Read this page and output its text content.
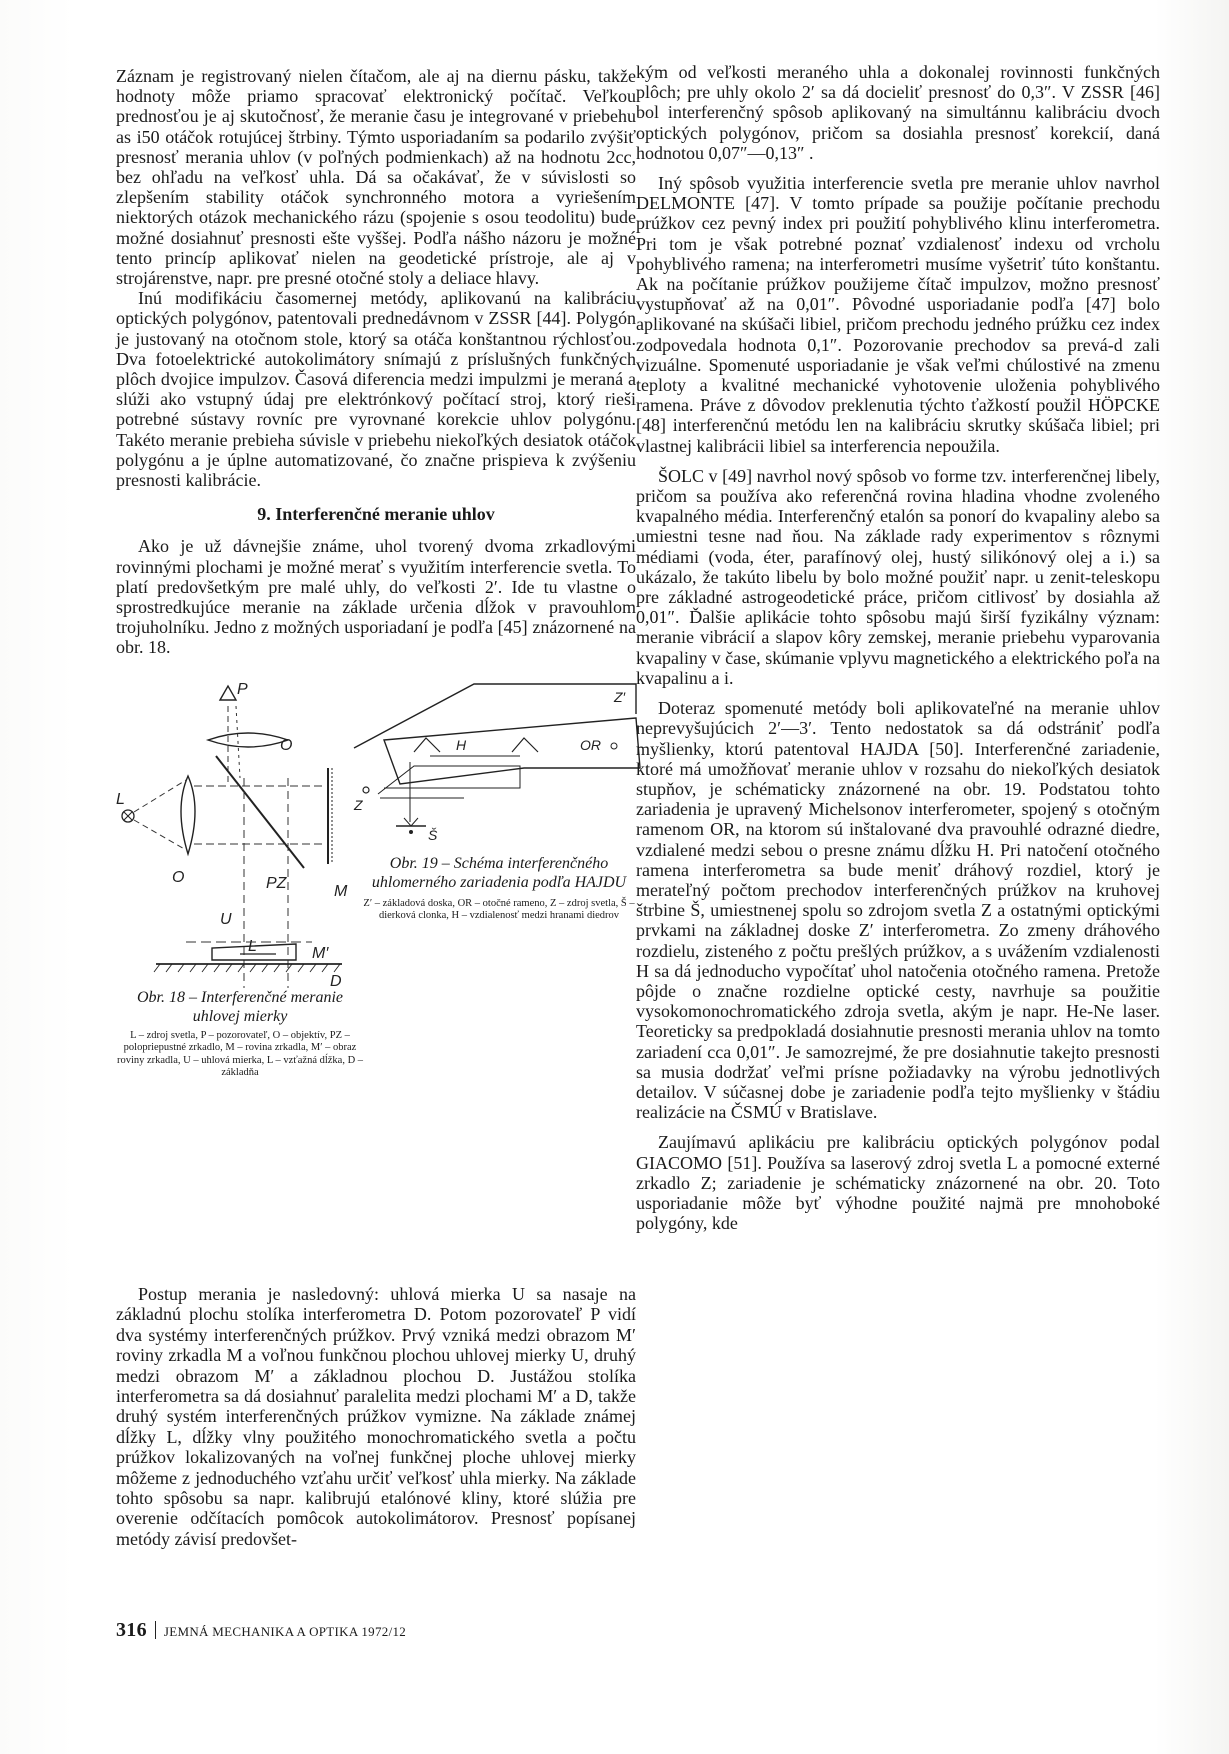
Záznam je registrovaný nielen čítačom, ale aj na diernu pásku, takže hodnoty môže priamo spracovať elektronický počítač. Veľkou prednosťou je aj skutočnosť, že meranie času je integrované v priebehu as i50 otáčok rotujúcej štrbiny. Týmto usporiadaním sa podarilo zvýšiť presnosť merania uhlov (v poľných podmienkach) až na hodnotu 2cc, bez ohľadu na veľkosť uhla. Dá sa očakávať, že v súvislosti so zlepšením stability otáčok synchronného motora a vyriešením niektorých otázok mechanického rázu (spojenie s osou teodolitu) bude možné dosiahnuť presnosti ešte vyššej. Podľa nášho názoru je možné tento princíp aplikovať nielen na geodetické prístroje, ale aj v strojárenstve, napr. pre presné otočné stoly a deliace hlavy.

Inú modifikáciu časomernej metódy, aplikovanú na kalibráciu optických polygónov, patentovali prednedávnom v ZSSR [44]. Polygón je justovaný na otočnom stole, ktorý sa otáča konštantnou rýchlosťou. Dva fotoelektrické autokolimátory snímajú z príslušných funkčných plôch dvojice impulzov. Časová diferencia medzi impulzmi je meraná a slúži ako vstupný údaj pre elektrónkový počítací stroj, ktorý rieši potrebné sústavy rovníc pre vyrovnané korekcie uhlov polygónu. Takéto meranie prebieha súvisle v priebehu niekoľkých desiatok otáčok polygónu a je úplne automatizované, čo značne prispieva k zvýšeniu presnosti kalibrácie.

9. Interferenčné meranie uhlov

Ako je už dávnejšie známe, uhol tvorený dvoma zrkadlovými rovinnými plochami je možné merať s využitím interferencie svetla. To platí predovšetkým pre malé uhly, do veľkosti 2′. Ide tu vlastne o sprostredkujúce meranie na základe určenia dĺžok v pravouhlom trojuholníku. Jedno z možných usporiadaní je podľa [45] znázornené na obr. 18.

P
O
L
O	PZ	M
U
L	M′
D
Z′
OR
H
Z
Š
Obr. 19 – Schéma interferenčného uhlomerného zariadenia podľa HAJDU
Z′ – základová doska, OR – otočné rameno, Z – zdroj svetla, Š – dierková clonka, H – vzdialenosť medzi hranami diedrov
Obr. 18 – Interferenčné meranie uhlovej mierky
L – zdroj svetla, P – pozorovateľ, O – objektív, PZ – polopriepustné zrkadlo, M – rovina zrkadla, M′ – obraz roviny zrkadla, U – uhlová mierka, L – vzťažná dĺžka, D – základňa

Postup merania je nasledovný: uhlová mierka U sa nasaje na základnú plochu stolíka interferometra D. Potom pozorovateľ P vidí dva systémy interferenčných prúžkov. Prvý vzniká medzi obrazom M′ roviny zrkadla M a voľnou funkčnou plochou uhlovej mierky U, druhý medzi obrazom M′ a základnou plochou D. Justážou stolíka interferometra sa dá dosiahnuť paralelita medzi plochami M′ a D, takže druhý systém interferenčných prúžkov vymizne. Na základe známej dĺžky L, dĺžky vlny použitého monochromatického svetla a počtu prúžkov lokalizovaných na voľnej funkčnej ploche uhlovej mierky môžeme z jednoduchého vzťahu určiť veľkosť uhla mierky. Na základe tohto spôsobu sa napr. kalibrujú etalónové kliny, ktoré slúžia pre overenie odčítacích pomôcok autokolimátorov. Presnosť popísanej metódy závisí predovšet-

kým od veľkosti meraného uhla a dokonalej rovinnosti funkčných plôch; pre uhly okolo 2′ sa dá docieliť presnosť do 0,3″. V ZSSR [46] bol interferenčný spôsob aplikovaný na simultánnu kalibráciu dvoch optických polygónov, pričom sa dosiahla presnosť korekcií, daná hodnotou 0,07″—0,13″ .

Iný spôsob využitia interferencie svetla pre meranie uhlov navrhol DELMONTE [47]. V tomto prípade sa použije počítanie prechodu prúžkov cez pevný index pri použití pohyblivého klinu interferometra. Pri tom je však potrebné poznať vzdialenosť indexu od vrcholu pohyblivého ramena; na interferometri musíme vyšetriť túto konštantu. Ak na počítanie prúžkov použijeme čítač impulzov, možno presnosť vystupňovať až na 0,01″. Pôvodné usporiadanie podľa [47] bolo aplikované na skúšači libiel, pričom prechodu jedného prúžku cez index zodpovedala hodnota 0,1″. Pozorovanie prechodov sa prevá-d zali vizuálne. Spomenuté usporiadanie je však veľmi chúlostivé na zmenu teploty a kvalitné mechanické vyhotovenie uloženia pohyblivého ramena. Práve z dôvodov preklenutia týchto ťažkostí použil HÖPCKE [48] interferenčnú metódu len na kalibráciu skrutky skúšača libiel; pri vlastnej kalibrácii libiel sa interferencia nepoužila.

ŠOLC v [49] navrhol nový spôsob vo forme tzv. interferenčnej libely, pričom sa používa ako referenčná rovina hladina vhodne zvoleného kvapalného média. Interferenčný etalón sa ponorí do kvapaliny alebo sa umiestni tesne nad ňou. Na základe rady experimentov s rôznymi médiami (voda, éter, parafínový olej, hustý silikónový olej a i.) sa ukázalo, že takúto libelu by bolo možné použiť napr. u zenit-teleskopu pre základné astrogeodetické práce, pričom citlivosť by dosiahla až 0,01″. Ďalšie aplikácie tohto spôsobu majú širší fyzikálny význam: meranie vibrácií a slapov kôry zemskej, meranie priebehu vyparovania kvapaliny v čase, skúmanie vplyvu magnetického a elektrického poľa na kvapalinu a i.

Doteraz spomenuté metódy boli aplikovateľné na meranie uhlov neprevyšujúcich 2′—3′. Tento nedostatok sa dá odstrániť podľa myšlienky, ktorú patentoval HAJDA [50]. Interferenčné zariadenie, ktoré má umožňovať meranie uhlov v rozsahu do niekoľkých desiatok stupňov, je schématicky znázornené na obr. 19. Podstatou tohto zariadenia je upravený Michelsonov interferometer, spojený s otočným ramenom OR, na ktorom sú inštalované dva pravouhlé odrazné diedre, vzdialené medzi sebou o presne známu dĺžku H. Pri natočení otočného ramena interferometra sa bude meniť dráhový rozdiel, ktorý je merateľný počtom prechodov interferenčných prúžkov na kruhovej štrbine Š, umiestnenej spolu so zdrojom svetla Z a ostatnými optickými prvkami na základnej doske Z′ interferometra. Zo zmeny dráhového rozdielu, zisteného z počtu prešlých prúžkov, a s uvážením vzdialenosti H sa dá jednoducho vypočítať uhol natočenia otočného ramena. Pretože pôjde o značne rozdielne optické cesty, navrhuje sa použitie vysokomonochromatického zdroja svetla, akým je napr. He-Ne laser. Teoreticky sa predpokladá dosiahnutie presnosti merania uhlov na tomto zariadení cca 0,01″. Je samozrejmé, že pre dosiahnutie takejto presnosti sa musia dodržať veľmi prísne požiadavky na výrobu jednotlivých detailov. V súčasnej dobe je zariadenie podľa tejto myšlienky v štádiu realizácie na ČSMÚ v Bratislave.

Zaujímavú aplikáciu pre kalibráciu optických polygónov podal GIACOMO [51]. Používa sa laserový zdroj svetla L a pomocné externé zrkadlo Z; zariadenie je schématicky znázornené na obr. 20. Toto usporiadanie môže byť výhodne použité najmä pre mnohoboké polygóny, kde

316 JEMNÁ MECHANIKA A OPTIKA 1972/12
